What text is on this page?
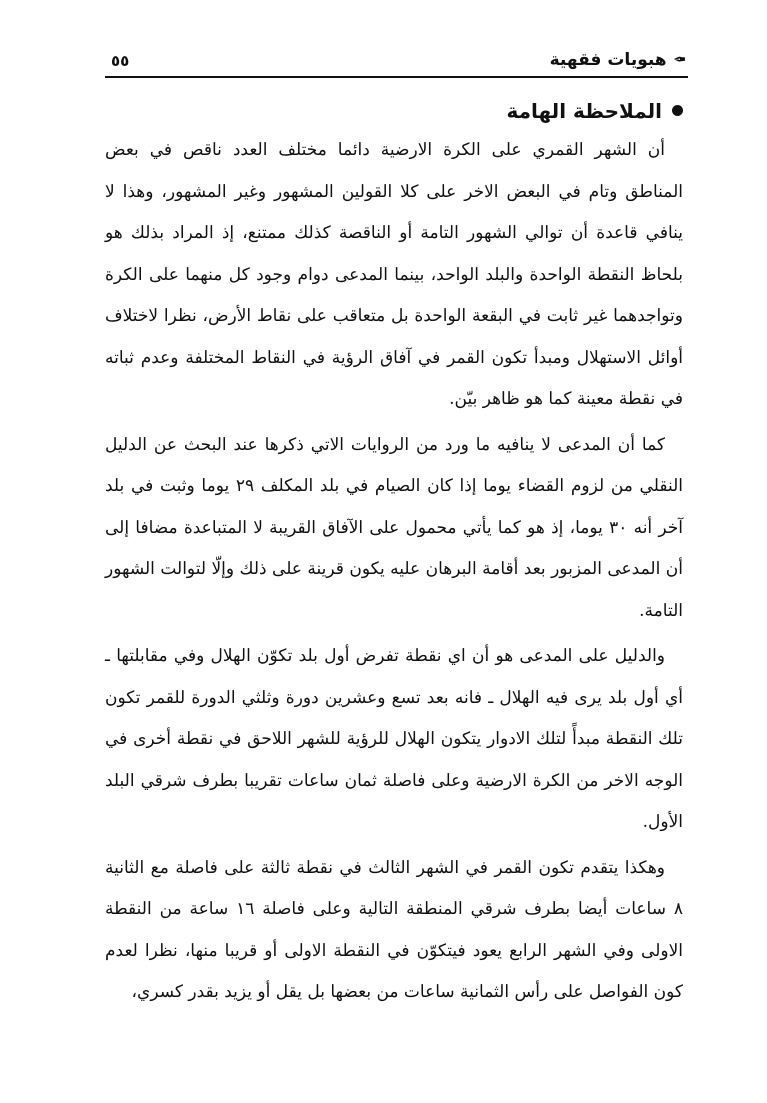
✒هبويات فقهية
٥٥
الملاحظة الهامة

أن الشهر القمري على الكرة الارضية دائما مختلف العدد ناقص في بعض المناطق وتام في البعض الاخر على كلا القولين المشهور وغير المشهور، وهذا لا ينافي قاعدة أن توالي الشهور التامة أو الناقصة كذلك ممتنع، إذ المراد بذلك هو بلحاظ النقطة الواحدة والبلد الواحد، بينما المدعى دوام وجود كل منهما على الكرة وتواجدهما غير ثابت في البقعة الواحدة بل متعاقب على نقاط الأرض، نظرا لاختلاف أوائل الاستهلال ومبدأ تكون القمر في آفاق الرؤية في النقاط المختلفة وعدم ثباته في نقطة معينة كما هو ظاهر بيّن.

كما أن المدعى لا ينافيه ما ورد من الروايات الاتي ذكرها عند البحث عن الدليل النقلي من لزوم القضاء يوما إذا كان الصيام في بلد المكلف ٢٩ يوما وثبت في بلد آخر أنه ٣٠ يوما، إذ هو كما يأتي محمول على الآفاق القريبة لا المتباعدة مضافا إلى أن المدعى المزبور بعد أقامة البرهان عليه يكون قرينة على ذلك وإلّا لتوالت الشهور التامة.

والدليل على المدعى هو أن اي نقطة تفرض أول بلد تكوّن الهلال وفي مقابلتها ـ أي أول بلد يرى فيه الهلال ـ فانه بعد تسع وعشرين دورة وثلثي الدورة للقمر تكون تلك النقطة مبدأً لتلك الادوار يتكون الهلال للرؤية للشهر اللاحق في نقطة أخرى في الوجه الاخر من الكرة الارضية وعلى فاصلة ثمان ساعات تقريبا بطرف شرقي البلد الأول.

وهكذا يتقدم تكون القمر في الشهر الثالث في نقطة ثالثة على فاصلة مع الثانية ٨ ساعات أيضا بطرف شرقي المنطقة التالية وعلى فاصلة ١٦ ساعة من النقطة الاولى وفي الشهر الرابع يعود فيتكوّن في النقطة الاولى أو قريبا منها، نظرا لعدم كون الفواصل على رأس الثمانية ساعات من بعضها بل يقل أو يزيد بقدر كسري،
